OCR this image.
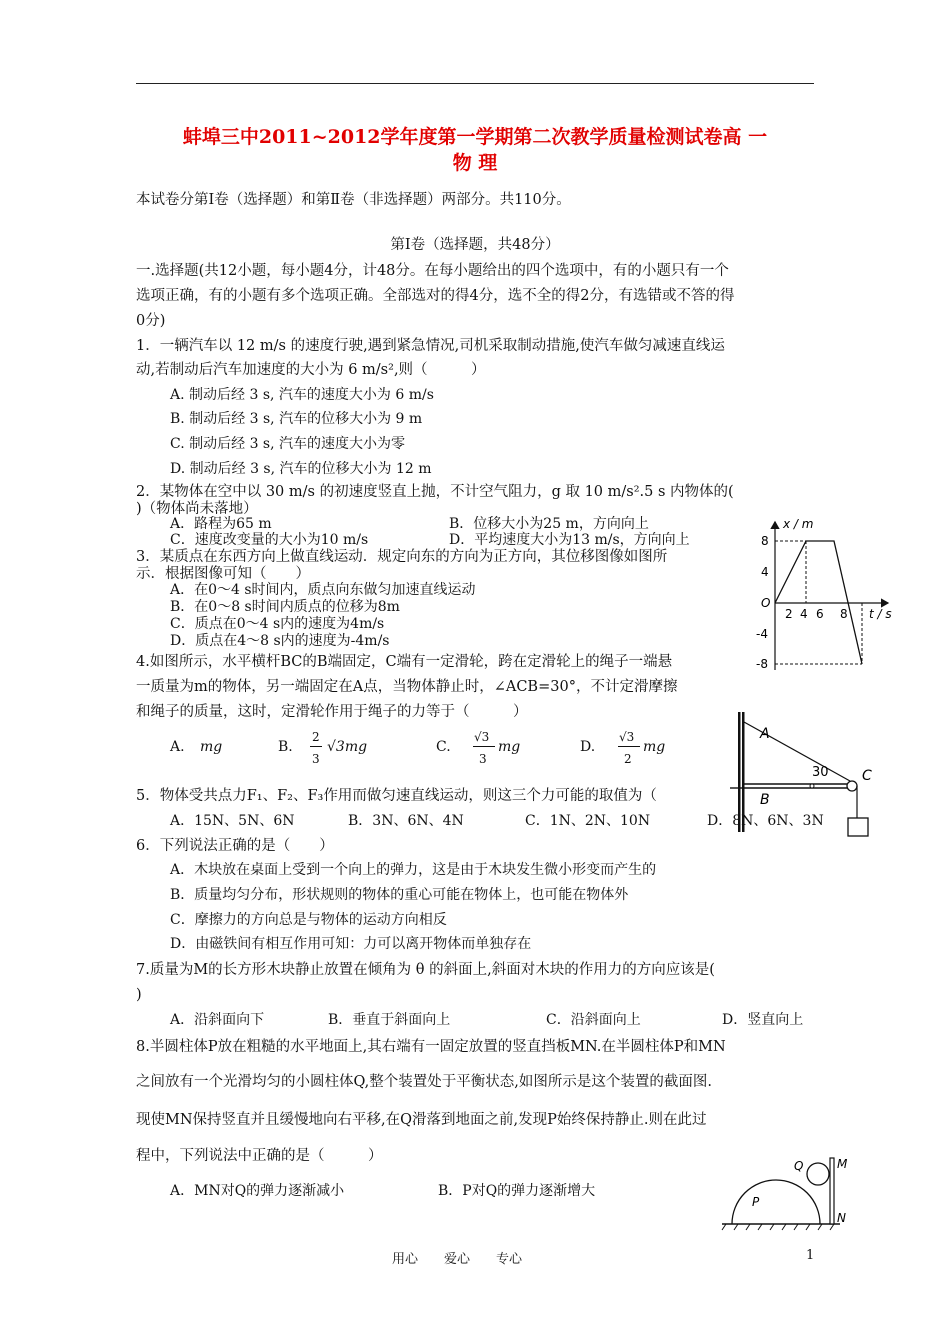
蚌埠三中2011~2012学年度第一学期第二次教学质量检测试卷高 一
物 理
本试卷分第Ⅰ卷（选择题）和第Ⅱ卷（非选择题）两部分。共110分。
第Ⅰ卷（选择题，共48分）
一.选择题(共12小题，每小题4分，计48分。在每小题给出的四个选项中，有的小题只有一个
选项正确，有的小题有多个选项正确。全部选对的得4分，选不全的得2分，有选错或不答的得
0分)
1．一辆汽车以 12 m/s 的速度行驶,遇到紧急情况,司机采取制动措施,使汽车做匀减速直线运
动,若制动后汽车加速度的大小为 6 m/s²,则（　　　）
A. 制动后经 3 s, 汽车的速度大小为 6 m/s
B. 制动后经 3 s, 汽车的位移大小为 9 m
C. 制动后经 3 s, 汽车的速度大小为零
D. 制动后经 3 s, 汽车的位移大小为 12 m
2．某物体在空中以 30 m/s 的初速度竖直上抛，不计空气阻力，g 取 10 m/s².5 s 内物体的(
)（物体尚未落地）
A．路程为65 m	B．位移大小为25 m，方向向上
C．速度改变量的大小为10 m/s	D．平均速度大小为13 m/s，方向向上
3．某质点在东西方向上做直线运动．规定向东的方向为正方向，其位移图像如图所
示．根据图像可知（　　）
A．在0～4 s时间内，质点向东做匀加速直线运动
B．在0～8 s时间内质点的位移为8m
C．质点在0～4 s内的速度为4m/s
D．质点在4～8 s内的速度为-4m/s
x / m
t / s
O
8
4
-4
-8
2 4 6 8
4.如图所示，水平横杆BC的B端固定，C端有一定滑轮，跨在定滑轮上的绳子一端悬
一质量为m的物体，另一端固定在A点，当物体静止时，∠ACB=30°，不计定滑摩擦
和绳子的质量，这时，定滑轮作用于绳子的力等于（　　　）
A. mg	B.
2
3
√3mg	C.
√3
3
mg	D.
√3
2
mg
A
B
C
30
5．物体受共点力F₁、F₂、F₃作用而做匀速直线运动，则这三个力可能的取值为（
A．15N、5N、6N	B．3N、6N、4N	C．1N、2N、10N	D．8N、6N、3N
6．下列说法正确的是（　　）
A．木块放在桌面上受到一个向上的弹力，这是由于木块发生微小形变而产生的
B．质量均匀分布，形状规则的物体的重心可能在物体上，也可能在物体外
C．摩擦力的方向总是与物体的运动方向相反
D．由磁铁间有相互作用可知：力可以离开物体而单独存在
7.质量为M的长方形木块静止放置在倾角为 θ 的斜面上,斜面对木块的作用力的方向应该是(
)
A．沿斜面向下	B．垂直于斜面向上	C．沿斜面向上	D．竖直向上
8.半圆柱体P放在粗糙的水平地面上,其右端有一固定放置的竖直挡板MN.在半圆柱体P和MN
之间放有一个光滑均匀的小圆柱体Q,整个装置处于平衡状态,如图所示是这个装置的截面图.
现使MN保持竖直并且缓慢地向右平移,在Q滑落到地面之前,发现P始终保持静止.则在此过
程中，下列说法中正确的是（　　　）
A．MN对Q的弹力逐渐减小	B．P对Q的弹力逐渐增大
P
Q	M
N
用心　　爱心　　专心	1
